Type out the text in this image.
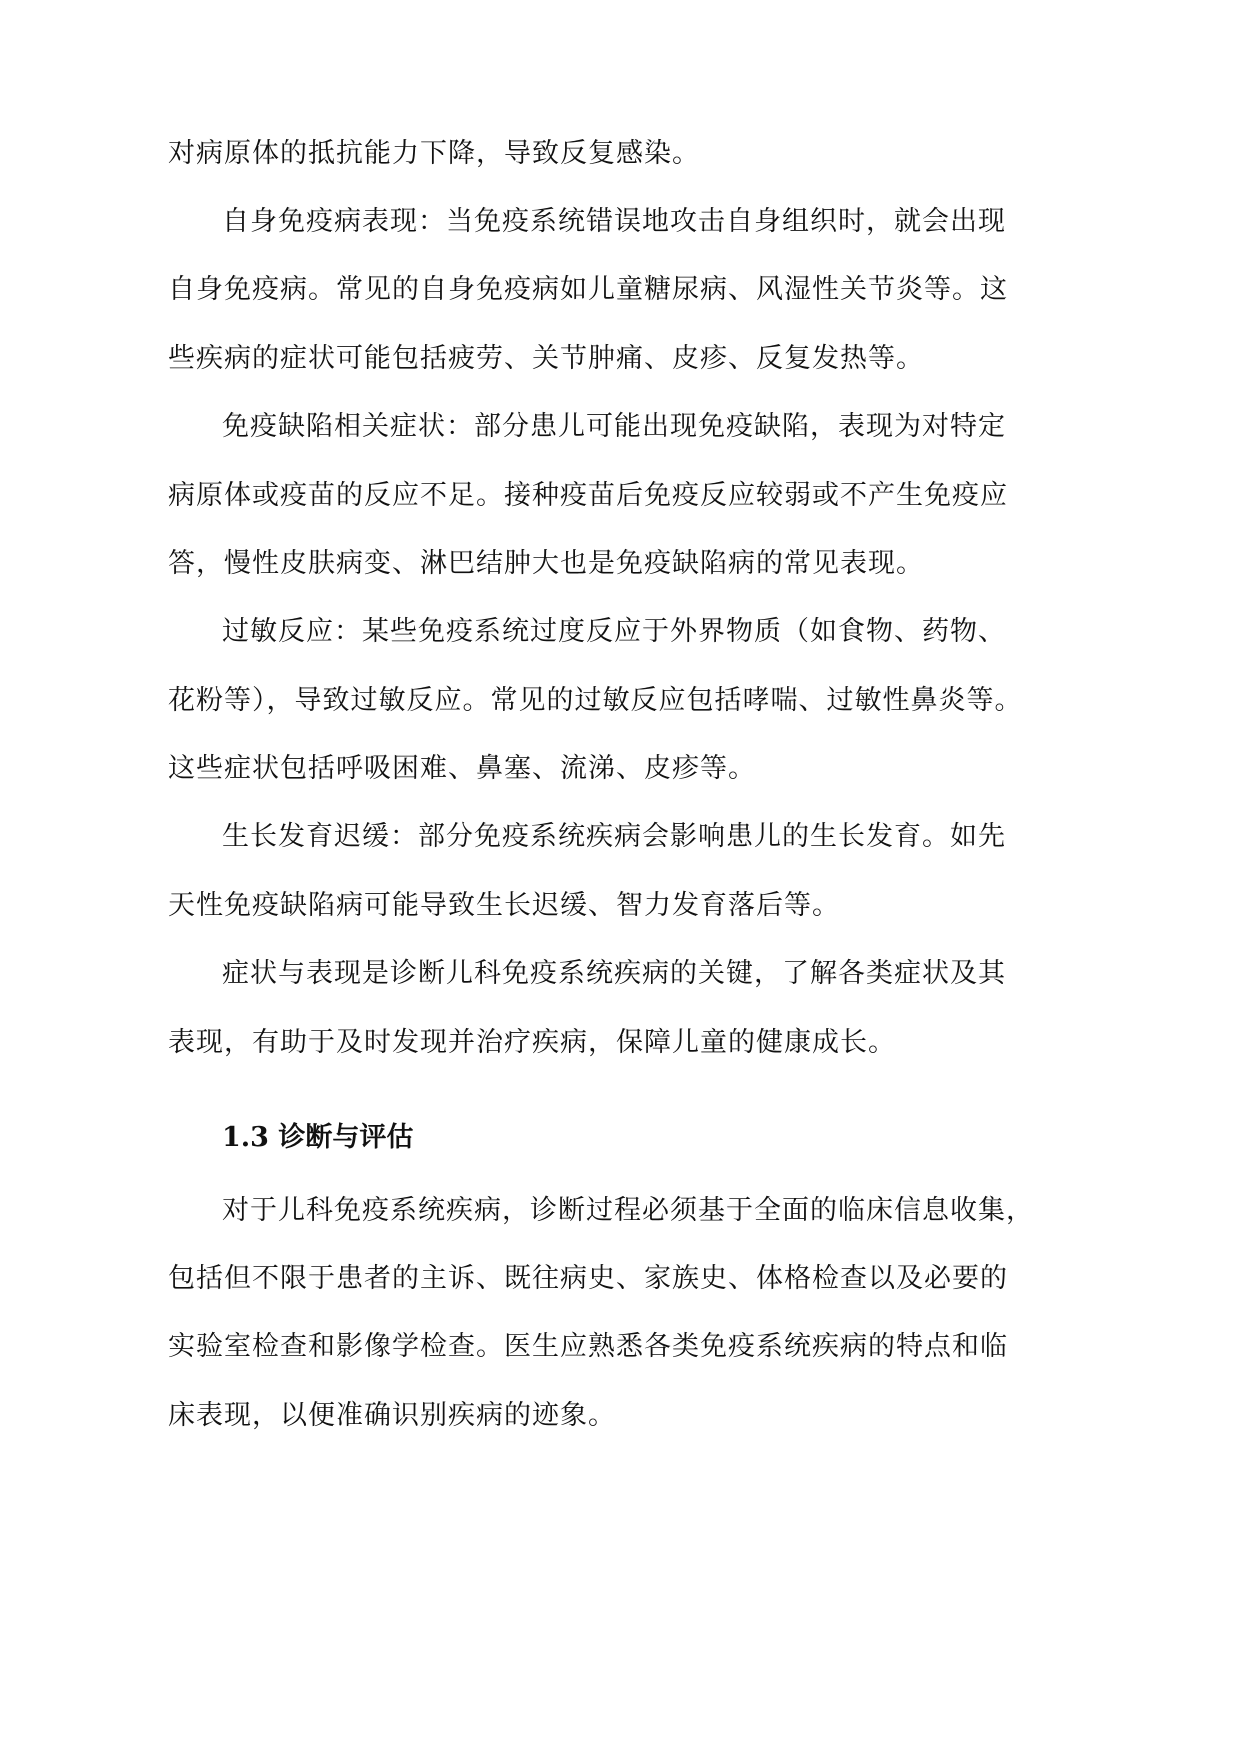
对病原体的抵抗能力下降，导致反复感染。
自身免疫病表现：当免疫系统错误地攻击自身组织时，就会出现
自身免疫病。常见的自身免疫病如儿童糖尿病、风湿性关节炎等。这
些疾病的症状可能包括疲劳、关节肿痛、皮疹、反复发热等。
免疫缺陷相关症状：部分患儿可能出现免疫缺陷，表现为对特定
病原体或疫苗的反应不足。接种疫苗后免疫反应较弱或不产生免疫应
答，慢性皮肤病变、淋巴结肿大也是免疫缺陷病的常见表现。
过敏反应：某些免疫系统过度反应于外界物质（如食物、药物、
花粉等），导致过敏反应。常见的过敏反应包括哮喘、过敏性鼻炎等。
这些症状包括呼吸困难、鼻塞、流涕、皮疹等。
生长发育迟缓：部分免疫系统疾病会影响患儿的生长发育。如先
天性免疫缺陷病可能导致生长迟缓、智力发育落后等。
症状与表现是诊断儿科免疫系统疾病的关键，了解各类症状及其
表现，有助于及时发现并治疗疾病，保障儿童的健康成长。
1.3 诊断与评估
对于儿科免疫系统疾病，诊断过程必须基于全面的临床信息收集，
包括但不限于患者的主诉、既往病史、家族史、体格检查以及必要的
实验室检查和影像学检查。医生应熟悉各类免疫系统疾病的特点和临
床表现，以便准确识别疾病的迹象。
